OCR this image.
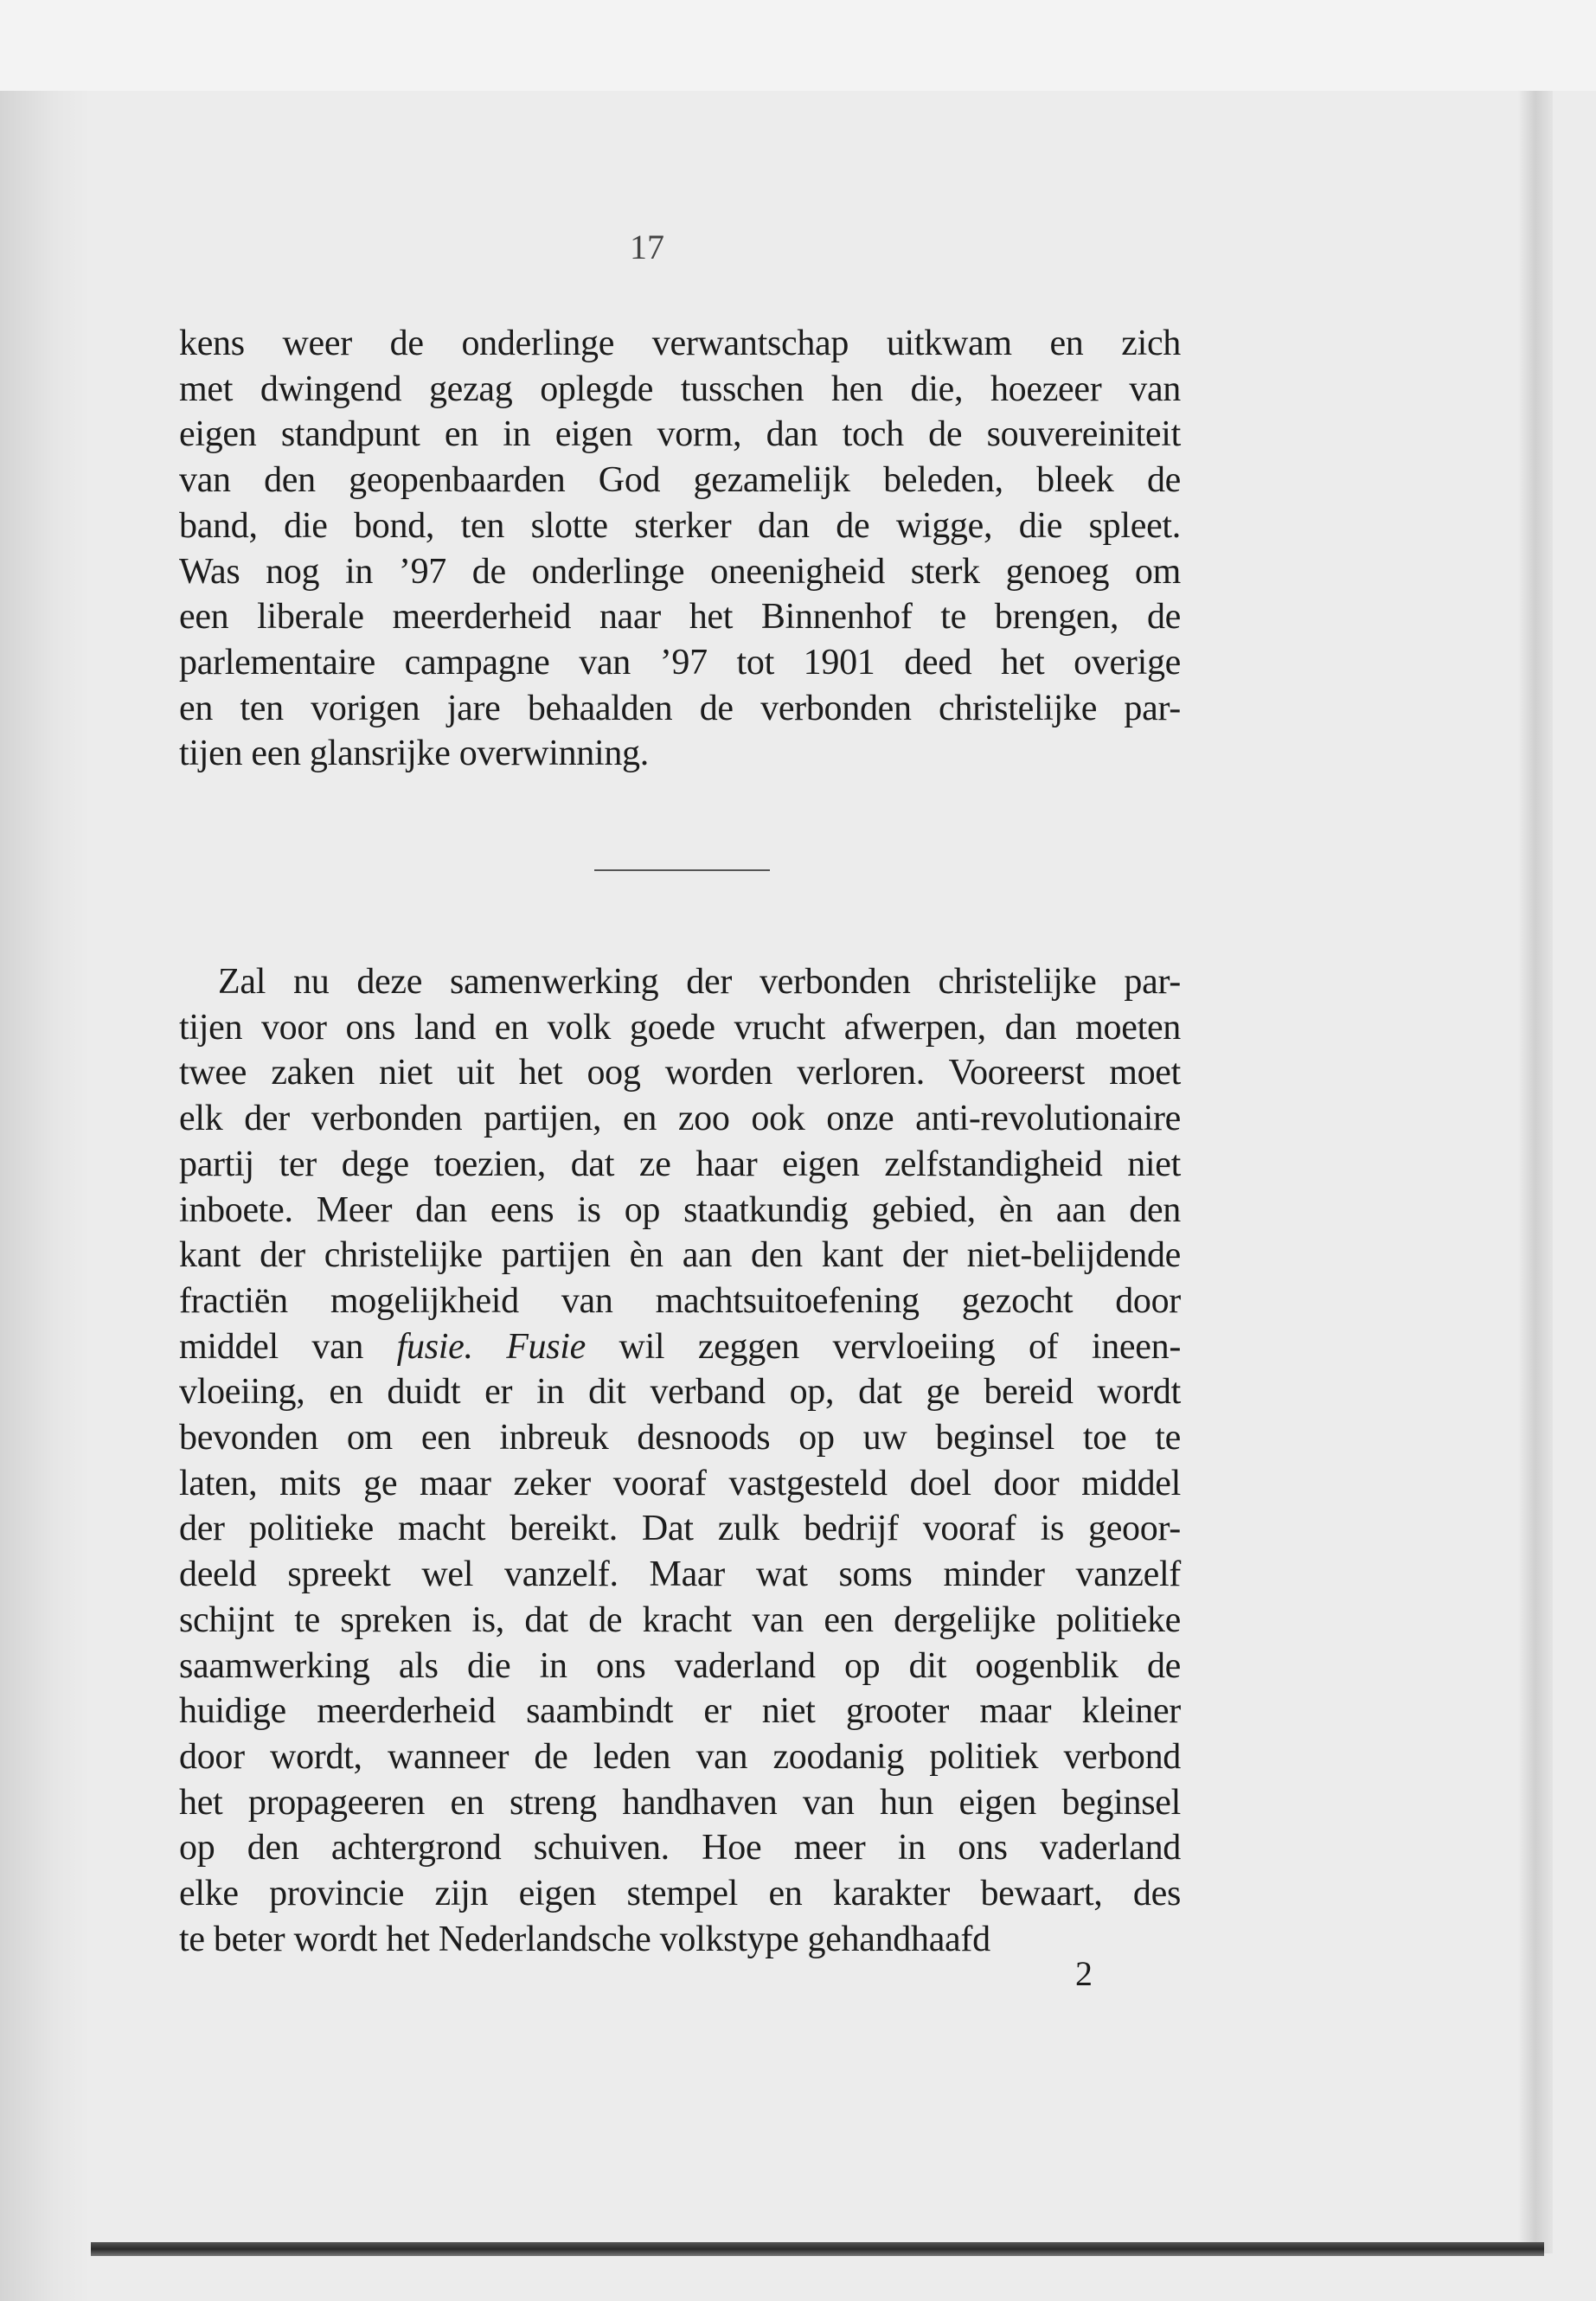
17
kens weer de onderlinge verwantschap uitkwam en zich
met dwingend gezag oplegde tusschen hen die, hoezeer van
eigen standpunt en in eigen vorm, dan toch de souvereiniteit
van den geopenbaarden God gezamelijk beleden, bleek de
band, die bond, ten slotte sterker dan de wigge, die spleet.
Was nog in ’97 de onderlinge oneenigheid sterk genoeg om
een liberale meerderheid naar het Binnenhof te brengen, de
parlementaire campagne van ’97 tot 1901 deed het overige
en ten vorigen jare behaalden de verbonden christelijke par-
tijen een glansrijke overwinning.
Zal nu deze samenwerking der verbonden christelijke par-
tijen voor ons land en volk goede vrucht afwerpen, dan moeten
twee zaken niet uit het oog worden verloren. Vooreerst moet
elk der verbonden partijen, en zoo ook onze anti-revolutionaire
partij ter dege toezien, dat ze haar eigen zelfstandigheid niet
inboete. Meer dan eens is op staatkundig gebied, èn aan den
kant der christelijke partijen èn aan den kant der niet-belijdende
fractiën mogelijkheid van machtsuitoefening gezocht door
middel van fusie. Fusie wil zeggen vervloeiing of ineen-
vloeiing, en duidt er in dit verband op, dat ge bereid wordt
bevonden om een inbreuk desnoods op uw beginsel toe te
laten, mits ge maar zeker vooraf vastgesteld doel door middel
der politieke macht bereikt. Dat zulk bedrijf vooraf is geoor-
deeld spreekt wel vanzelf. Maar wat soms minder vanzelf
schijnt te spreken is, dat de kracht van een dergelijke politieke
saamwerking als die in ons vaderland op dit oogenblik de
huidige meerderheid saambindt er niet grooter maar kleiner
door wordt, wanneer de leden van zoodanig politiek verbond
het propageeren en streng handhaven van hun eigen beginsel
op den achtergrond schuiven. Hoe meer in ons vaderland
elke provincie zijn eigen stempel en karakter bewaart, des
te beter wordt het Nederlandsche volkstype gehandhaafd
2
